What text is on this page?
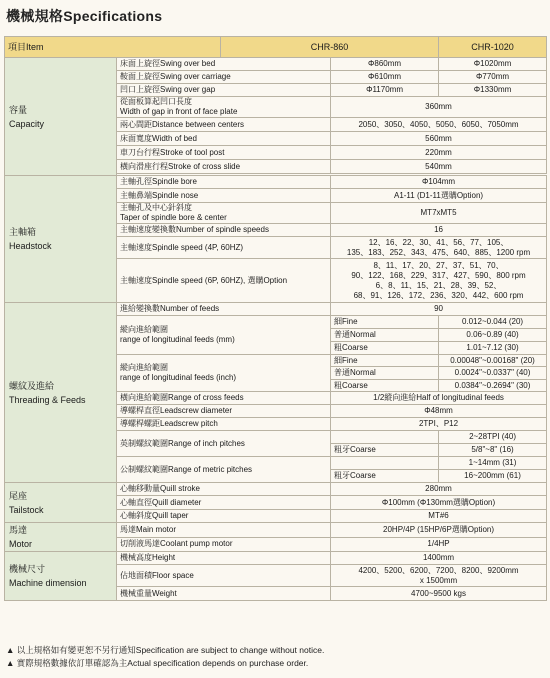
機械規格Specifications
項目Item		CHR-860		CHR-1020
容量
Capacity	床面上旋徑Swing over bed		Φ860mm	Φ1020mm
	鞍面上旋徑Swing over carriage		Φ610mm	Φ770mm
	凹口上旋徑Swing over gap		Φ1170mm	Φ1330mm
	從面板算起凹口長度
Width of gap in front of face plate		360mm	
	兩心間距Distance between centers		2050、3050、4050、5050、6050、7050mm	
	床面寬度Width of bed		560mm	
	車刀台行程Stroke of tool post		220mm	
	橫向滑座行程Stroke of cross slide		540mm	

主軸箱
Headstock	主軸孔徑Spindle bore		Φ104mm	
	主軸鼻端Spindle nose		A1-11 (D1-11選購Option)	
	主軸孔及中心針斜度
Taper of spindle bore & center		MT7xMT5	
	主軸速度變換數Number of spindle speeds		16	
	主軸速度Spindle speed (4P, 60HZ)		12、16、22、30、41、56、77、105、
135、183、252、343、475、640、885、1200 rpm	
	主軸速度Spindle speed (6P, 60HZ), 選購Option		8、11、17、20、27、37、51、70、
90、122、168、229、317、427、590、800 rpm
6、8、11、15、21、28、39、52、
68、91、126、172、236、320、442、600 rpm	
螺紋及進給
Threading & Feeds	進給變換數Number of feeds		90	
	縱向進給範圍
range of longitudinal feeds (mm)		細Fine	0.012~0.044 (20)
			普通Normal	0.06~0.89 (40)
			粗Coarse	1.01~7.12 (30)
	縱向進給範圍
range of longitudinal feeds (inch)		細Fine	0.00048"~0.00168" (20)
			普通Normal	0.0024"~0.0337" (40)
			粗Coarse	0.0384"~0.2694" (30)
	橫向進給範圍Range of cross feeds		1/2縱向進給Half of longitudinal feeds	
	導螺桿直徑Leadscrew diameter		Φ48mm	
	導螺桿螺距Leadscrew pitch		2TPI、P12	
	英制螺紋範圍Range of inch pitches			2~28TPI (40)
			粗牙Coarse	5/8"~8" (16)
	公制螺紋範圍Range of metric pitches			1~14mm (31)
			粗牙Coarse	16~200mm (61)
尾座
Tailstock	心軸移動量Quill stroke		280mm	
	心軸直徑Quill diameter		Φ100mm (Φ130mm選購Option)	
	心軸斜度Quill taper		MT#6	
馬達
Motor	馬達Main motor		20HP/4P (15HP/6P選購Option)	
	切削液馬達Coolant pump motor		1/4HP	
機械尺寸
Machine dimension	機械高度Height		1400mm	
	佔地面積Floor space		4200、5200、6200、7200、8200、9200mm
x 1500mm	
	機械重量Weight		4700~9500 kgs	
▲ 以上規格如有變更恕不另行通知Specification are subject to change without notice.
▲ 實際規格數據依訂單確認為主Actual specification depends on purchase order.
